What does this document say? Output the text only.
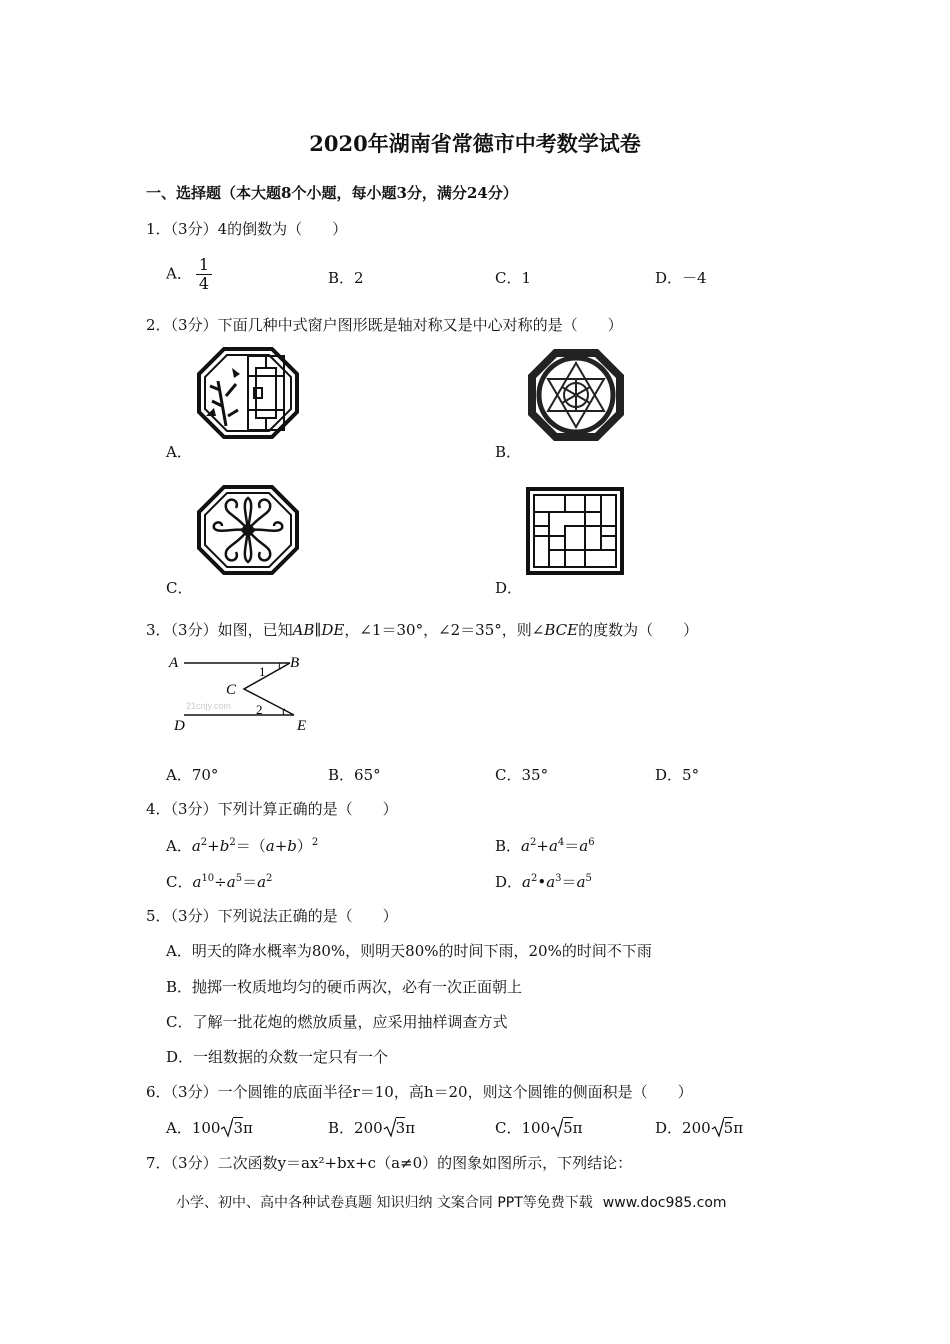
2020年湖南省常德市中考数学试卷
一、选择题（本大题8个小题，每小题3分，满分24分）
1．（3分）4的倒数为（　　）
A． $\frac{1}{4}$	B．2	C．1	D．－4
2．（3分）下面几种中式窗户图形既是轴对称又是中心对称的是（　　）
A．	B．
C．	D．
3．（3分）如图，已知AB∥DE，∠1＝30°，∠2＝35°，则∠BCE的度数为（　　）
A	B
C
D	E
1
2
21cnjy.com
A．70°	B．65°	C．35°	D．5°
4．（3分）下列计算正确的是（　　）
A．$a^2+b^2=(a+b)^2$	B．$a^2+a^4=a^6$
C．$a^{10}\div a^5=a^2$	D．$a^2•a^3=a^5$
5．（3分）下列说法正确的是（　　）
A．明天的降水概率为80%，则明天80%的时间下雨，20%的时间不下雨
B．抛掷一枚质地均匀的硬币两次，必有一次正面朝上
C．了解一批花炮的燃放质量，应采用抽样调查方式
D．一组数据的众数一定只有一个
6．（3分）一个圆锥的底面半径r＝10，高h＝20，则这个圆锥的侧面积是（　　）
A．100 3π	B．200 3π	C．100 5π	D．200 5π
7．（3分）二次函数y＝ax²+bx+c（a≠0）的图象如图所示，下列结论：
小学、初中、高中各种试卷真题 知识归纳 文案合同 PPT等免费下载 www.doc985.com
